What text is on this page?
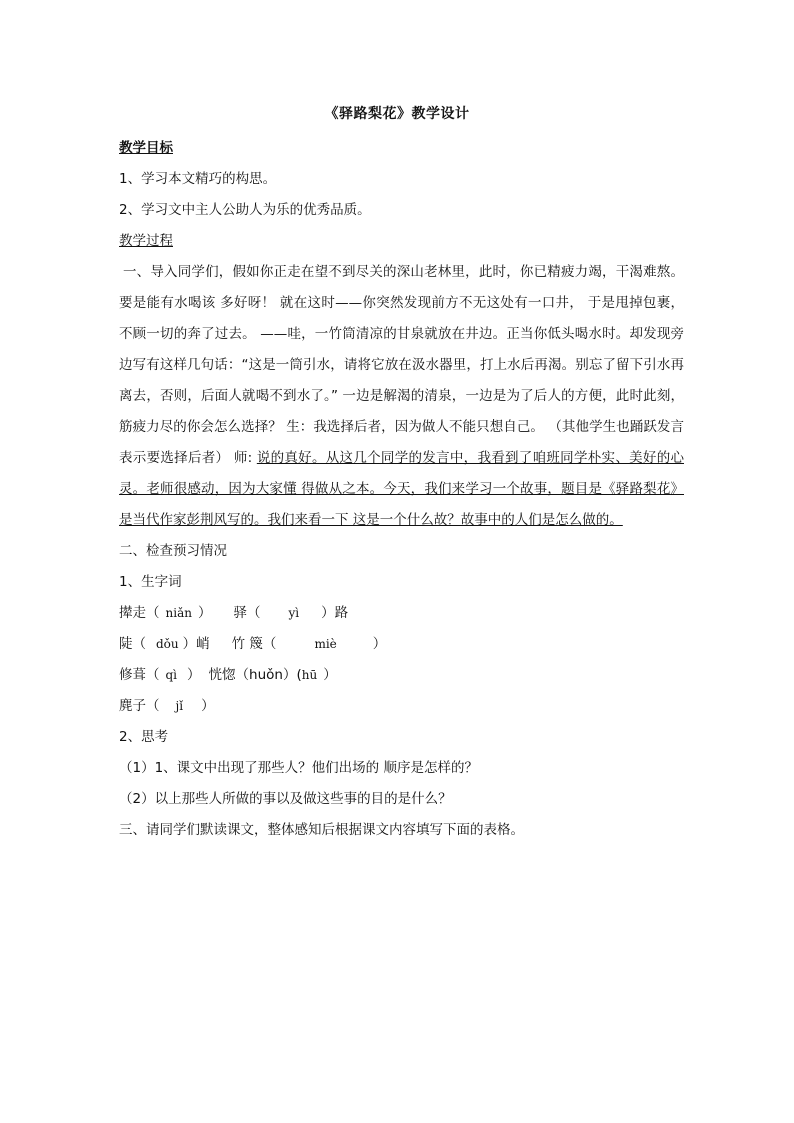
《驿路梨花》教学设计
教学目标
1、学习本文精巧的构思。
2、学习文中主人公助人为乐的优秀品质。
教学过程
一、导入同学们，假如你正走在望不到尽关的深山老林里，此时，你已精疲力竭，干渴难熬。 要是能有水喝该 多好呀！ 就在这时——你突然发现前方不无这处有一口井， 于是甩掉包裹，不顾一切的奔了过去。 ——哇，一竹筒清凉的甘泉就放在井边。正当你低头喝水时。却发现旁边写有这样几句话：“这是一筒引水，请将它放在汲水器里，打上水后再渴。别忘了留下引水再离去，否则，后面人就喝不到水了。” 一边是解渴的清泉，一边是为了后人的方便，此时此刻，筋疲力尽的你会怎么选择？ 生：我选择后者，因为做人不能只想自己。 （其他学生也踊跃发言表示要选择后者） 师: 说的真好。从这几个同学的发言中，我看到了咱班同学朴实、美好的心灵。老师很感动，因为大家懂 得做从之本。今天，我们来学习一个故事，题目是《驿路梨花》 是当代作家彭荆风写的。我们来看一下 这是一个什么故？故事中的人们是怎么做的。
二、检查预习情况
1、生字词
撵走（ niǎn ） 驿（ yì ）路
陡（ dǒu ）峭 竹 篾（	miè	）
修葺（ qì ） 恍惚（huǒn）(hū ）
麂子（ jǐ ）
2、思考
（1）1、课文中出现了那些人？他们出场的 顺序是怎样的？
（2）以上那些人所做的事以及做这些事的目的是什么？
三、请同学们默读课文，整体感知后根据课文内容填写下面的表格。
